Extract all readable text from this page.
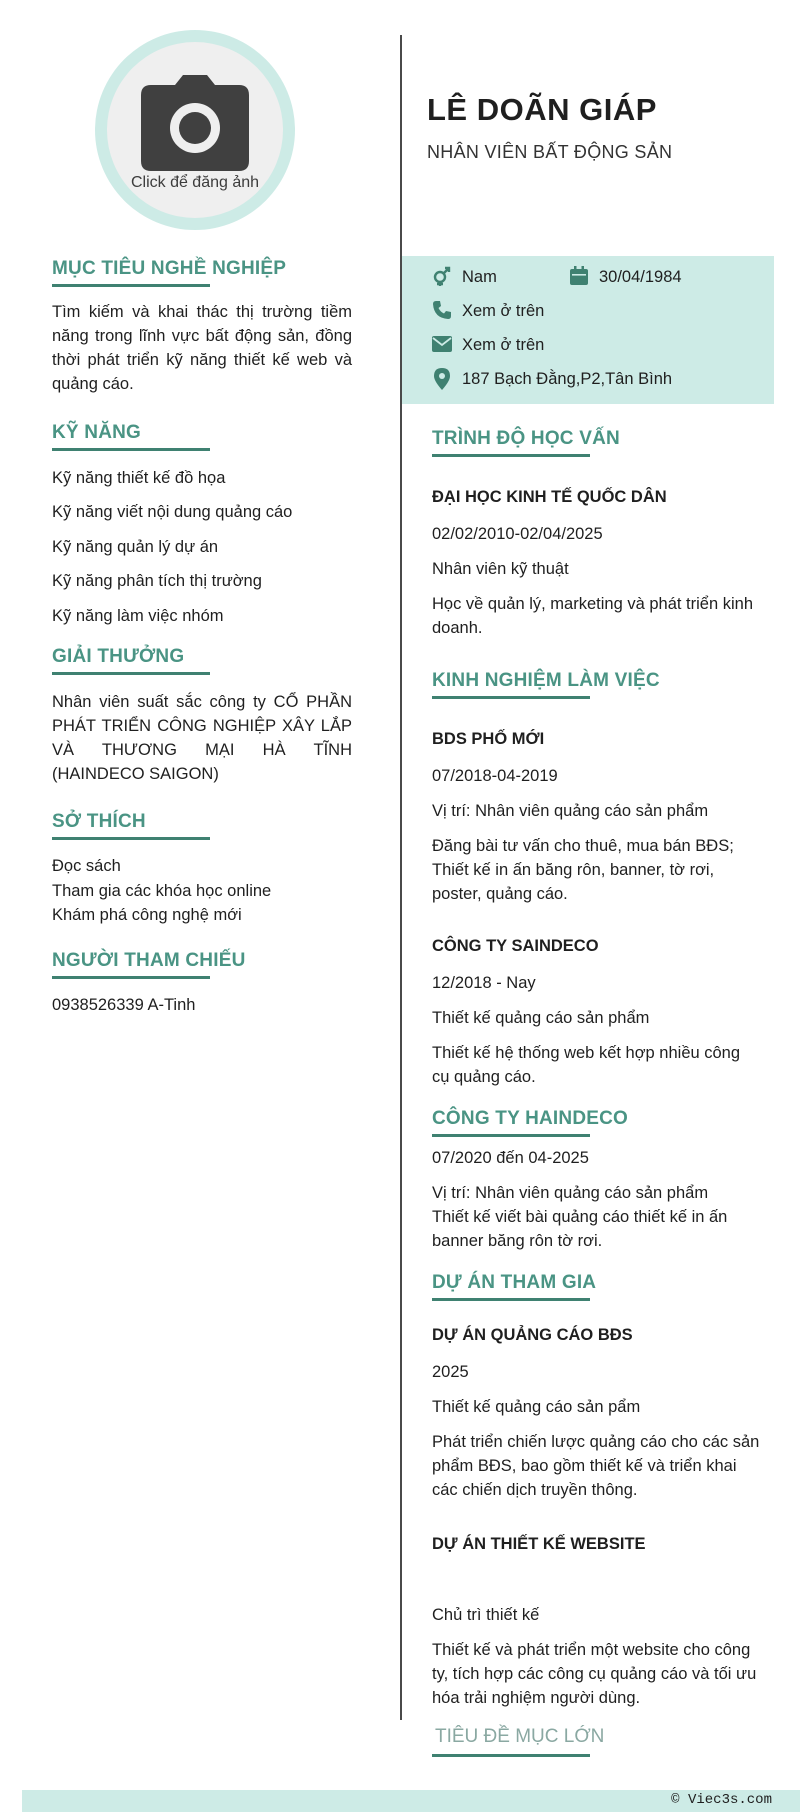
Click để đăng ảnh
LÊ DOÃN GIÁP
NHÂN VIÊN BẤT ĐỘNG SẢN
Nam	30/04/1984
Xem ở trên
Xem ở trên
187 Bạch Đằng,P2,Tân Bình
MỤC TIÊU NGHỀ NGHIỆP
Tìm kiếm và khai thác thị trường tiềm năng trong lĩnh vực bất động sản, đồng thời phát triển kỹ năng thiết kế web và quảng cáo.
KỸ NĂNG
Kỹ năng thiết kế đồ họa
Kỹ năng viết nội dung quảng cáo
Kỹ năng quản lý dự án
Kỹ năng phân tích thị trường
Kỹ năng làm việc nhóm
GIẢI THƯỞNG
Nhân viên suất sắc công ty CỔ PHẦN PHÁT TRIỂN CÔNG NGHIỆP XÂY LẮP VÀ THƯƠNG MẠI HÀ TĨNH (HAINDECO SAIGON)
SỞ THÍCH
Đọc sách
Tham gia các khóa học online
Khám phá công nghệ mới
NGƯỜI THAM CHIẾU
0938526339 A-Tinh
TRÌNH ĐỘ HỌC VẤN
ĐẠI HỌC KINH TẾ QUỐC DÂN
02/02/2010-02/04/2025
Nhân viên kỹ thuật
Học về quản lý, marketing và phát triển kinh doanh.
KINH NGHIỆM LÀM VIỆC
BDS PHỐ MỚI
07/2018-04-2019
Vị trí: Nhân viên quảng cáo sản phẩm
Đăng bài tư vấn cho thuê, mua bán BĐS; Thiết kế in ấn băng rôn, banner, tờ rơi, poster, quảng cáo.
CÔNG TY SAINDECO
12/2018 - Nay
Thiết kế quảng cáo sản phẩm
Thiết kế hệ thống web kết hợp nhiều công cụ quảng cáo.
CÔNG TY HAINDECO
07/2020 đến 04-2025
Vị trí: Nhân viên quảng cáo sản phẩm
Thiết kế viết bài quảng cáo thiết kế in ấn banner băng rôn tờ rơi.
DỰ ÁN THAM GIA
DỰ ÁN QUẢNG CÁO BĐS
2025
Thiết kế quảng cáo sản pẩm
Phát triển chiến lược quảng cáo cho các sản phẩm BĐS, bao gồm thiết kế và triển khai các chiến dịch truyền thông.
DỰ ÁN THIẾT KẾ WEBSITE
Chủ trì thiết kế
Thiết kế và phát triển một website cho công ty, tích hợp các công cụ quảng cáo và tối ưu hóa trải nghiệm người dùng.
TIÊU ĐỀ MỤC LỚN
© Viec3s.com
